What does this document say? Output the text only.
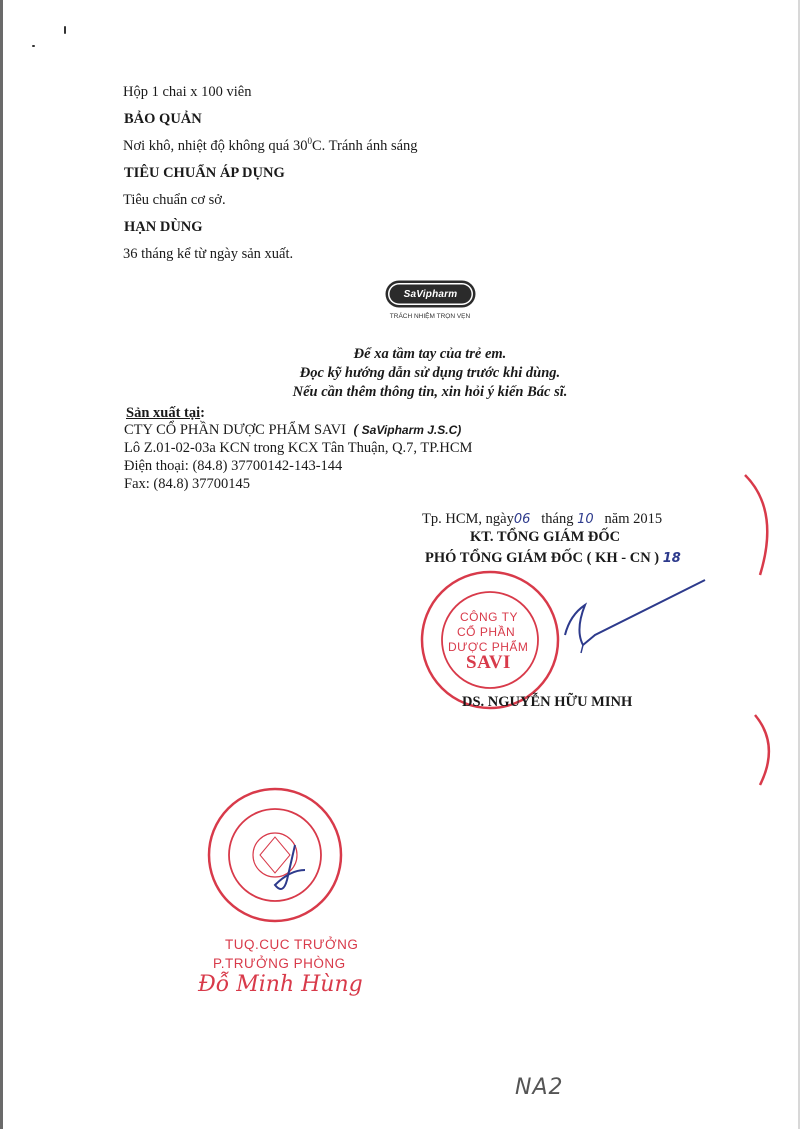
Hộp 1 chai x 100 viên
BẢO QUẢN
Nơi khô, nhiệt độ không quá $30^0C$. Tránh ánh sáng
TIÊU CHUẨN ÁP DỤNG
Tiêu chuẩn cơ sở.
HẠN DÙNG
36 tháng kể từ ngày sản xuất.
SaVipharm
TRÁCH NHIỆM TRỌN VẸN
Để xa tầm tay của trẻ em.
Đọc kỹ hướng dẫn sử dụng trước khi dùng.
Nếu cần thêm thông tin, xin hỏi ý kiến Bác sĩ.
Sản xuất tại:
CTY CỔ PHẦN DƯỢC PHẨM SAVI ( SaVipharm J.S.C)
Lô Z.01-02-03a KCN trong KCX Tân Thuận, Q.7, TP.HCM
Điện thoại: (84.8) 37700142-143-144
Fax: (84.8) 37700145
Tp. HCM, ngày06 tháng 10 năm 2015
KT. TỔNG GIÁM ĐỐC
PHÓ TỔNG GIÁM ĐỐC ( KH - CN ) 18
CÔNG TY
CỔ PHẦN
DƯỢC PHẨM
SAVI
DS. NGUYỄN HỮU MINH
TUQ.CỤC TRƯỞNG
P.TRƯỞNG PHÒNG
Đỗ Minh Hùng
NA2
